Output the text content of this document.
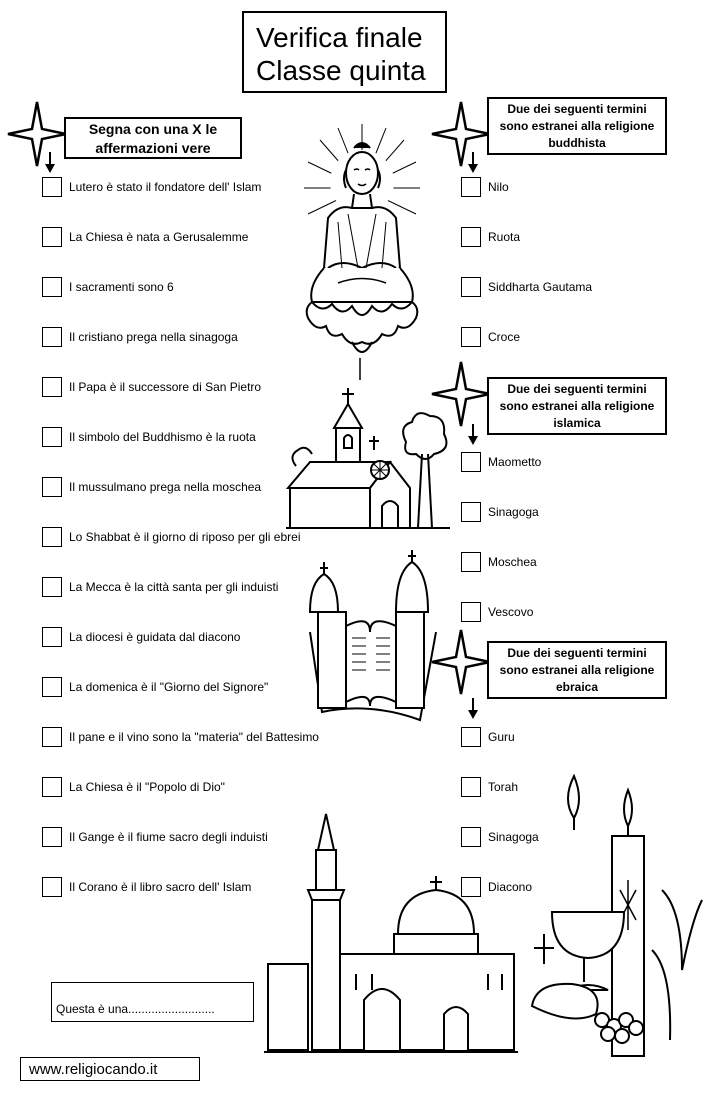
Verifica finale
Classe quinta
Segna con una X le affermazioni vere
Due dei seguenti termini sono estranei alla religione buddhista
Due dei seguenti termini sono estranei alla religione islamica
Due dei seguenti termini sono estranei alla religione ebraica
Lutero è stato il fondatore dell' Islam
La Chiesa è nata a Gerusalemme
I sacramenti sono 6
Il cristiano prega nella sinagoga
Il Papa è il successore di San Pietro
Il simbolo del Buddhismo è la ruota
Il mussulmano prega nella moschea
Lo Shabbat è il giorno di riposo per gli ebrei
La Mecca è la città santa per gli induisti
La diocesi è guidata dal diacono
La domenica è il "Giorno del Signore"
Il pane e il vino sono la "materia" del Battesimo
La Chiesa è il "Popolo di Dio"
Il Gange è il fiume sacro degli induisti
Il Corano è il libro sacro dell' Islam
Nilo
Ruota
Siddharta Gautama
Croce
Maometto
Sinagoga
Moschea
Vescovo
Guru
Torah
Sinagoga
Diacono
Questa è una..........................
www.religiocando.it
